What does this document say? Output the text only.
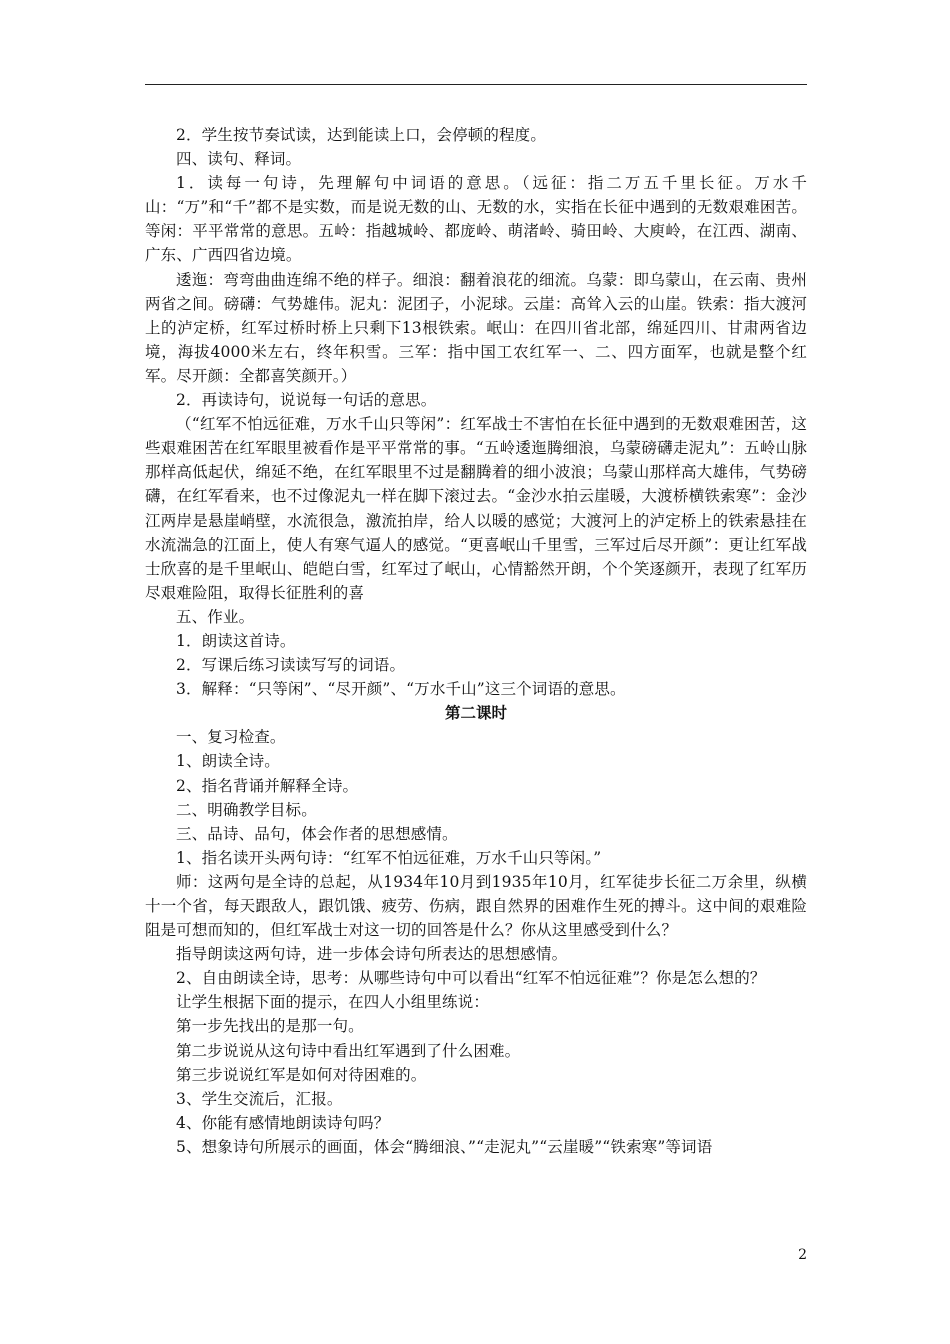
2．学生按节奏试读，达到能读上口，会停顿的程度。

四、读句、释词。

1．读每一句诗，先理解句中词语的意思。（远征：指二万五千里长征。万水千山：“万”和“千”都不是实数，而是说无数的山、无数的水，实指在长征中遇到的无数艰难困苦。等闲：平平常常的意思。五岭：指越城岭、都庞岭、萌渚岭、骑田岭、大庾岭，在江西、湖南、广东、广西四省边境。

逶迤：弯弯曲曲连绵不绝的样子。细浪：翻着浪花的细流。乌蒙：即乌蒙山，在云南、贵州两省之间。磅礴：气势雄伟。泥丸：泥团子，小泥球。云崖：高耸入云的山崖。铁索：指大渡河上的泸定桥，红军过桥时桥上只剩下13根铁索。岷山：在四川省北部，绵延四川、甘肃两省边境，海拔4000米左右，终年积雪。三军：指中国工农红军一、二、四方面军，也就是整个红军。尽开颜：全都喜笑颜开。）

2．再读诗句，说说每一句话的意思。

（“红军不怕远征难，万水千山只等闲”：红军战士不害怕在长征中遇到的无数艰难困苦，这些艰难困苦在红军眼里被看作是平平常常的事。“五岭逶迤腾细浪，乌蒙磅礴走泥丸”：五岭山脉那样高低起伏，绵延不绝，在红军眼里不过是翻腾着的细小波浪；乌蒙山那样高大雄伟，气势磅礴，在红军看来，也不过像泥丸一样在脚下滚过去。“金沙水拍云崖暖，大渡桥横铁索寒”：金沙江两岸是悬崖峭壁，水流很急，激流拍岸，给人以暖的感觉；大渡河上的泸定桥上的铁索悬挂在水流湍急的江面上，使人有寒气逼人的感觉。“更喜岷山千里雪，三军过后尽开颜”：更让红军战士欣喜的是千里岷山、皑皑白雪，红军过了岷山，心情豁然开朗，个个笑逐颜开，表现了红军历尽艰难险阻，取得长征胜利的喜

五、作业。

1．朗读这首诗。

2．写课后练习读读写写的词语。

3．解释：“只等闲”、“尽开颜”、“万水千山”这三个词语的意思。

第二课时

一、复习检查。

1、朗读全诗。

2、指名背诵并解释全诗。

二、明确教学目标。

三、品诗、品句，体会作者的思想感情。

1、指名读开头两句诗：“红军不怕远征难，万水千山只等闲。”

师：这两句是全诗的总起，从1934年10月到1935年10月，红军徒步长征二万余里，纵横十一个省，每天跟敌人，跟饥饿、疲劳、伤病，跟自然界的困难作生死的搏斗。这中间的艰难险阻是可想而知的，但红军战士对这一切的回答是什么？你从这里感受到什么？

指导朗读这两句诗，进一步体会诗句所表达的思想感情。

2、自由朗读全诗，思考：从哪些诗句中可以看出“红军不怕远征难”？你是怎么想的？

让学生根据下面的提示，在四人小组里练说：

第一步先找出的是那一句。

第二步说说从这句诗中看出红军遇到了什么困难。

第三步说说红军是如何对待困难的。

3、学生交流后，汇报。

4、你能有感情地朗读诗句吗？

5、想象诗句所展示的画面，体会“腾细浪、”“走泥丸”“云崖暖”“铁索寒”等词语

2
